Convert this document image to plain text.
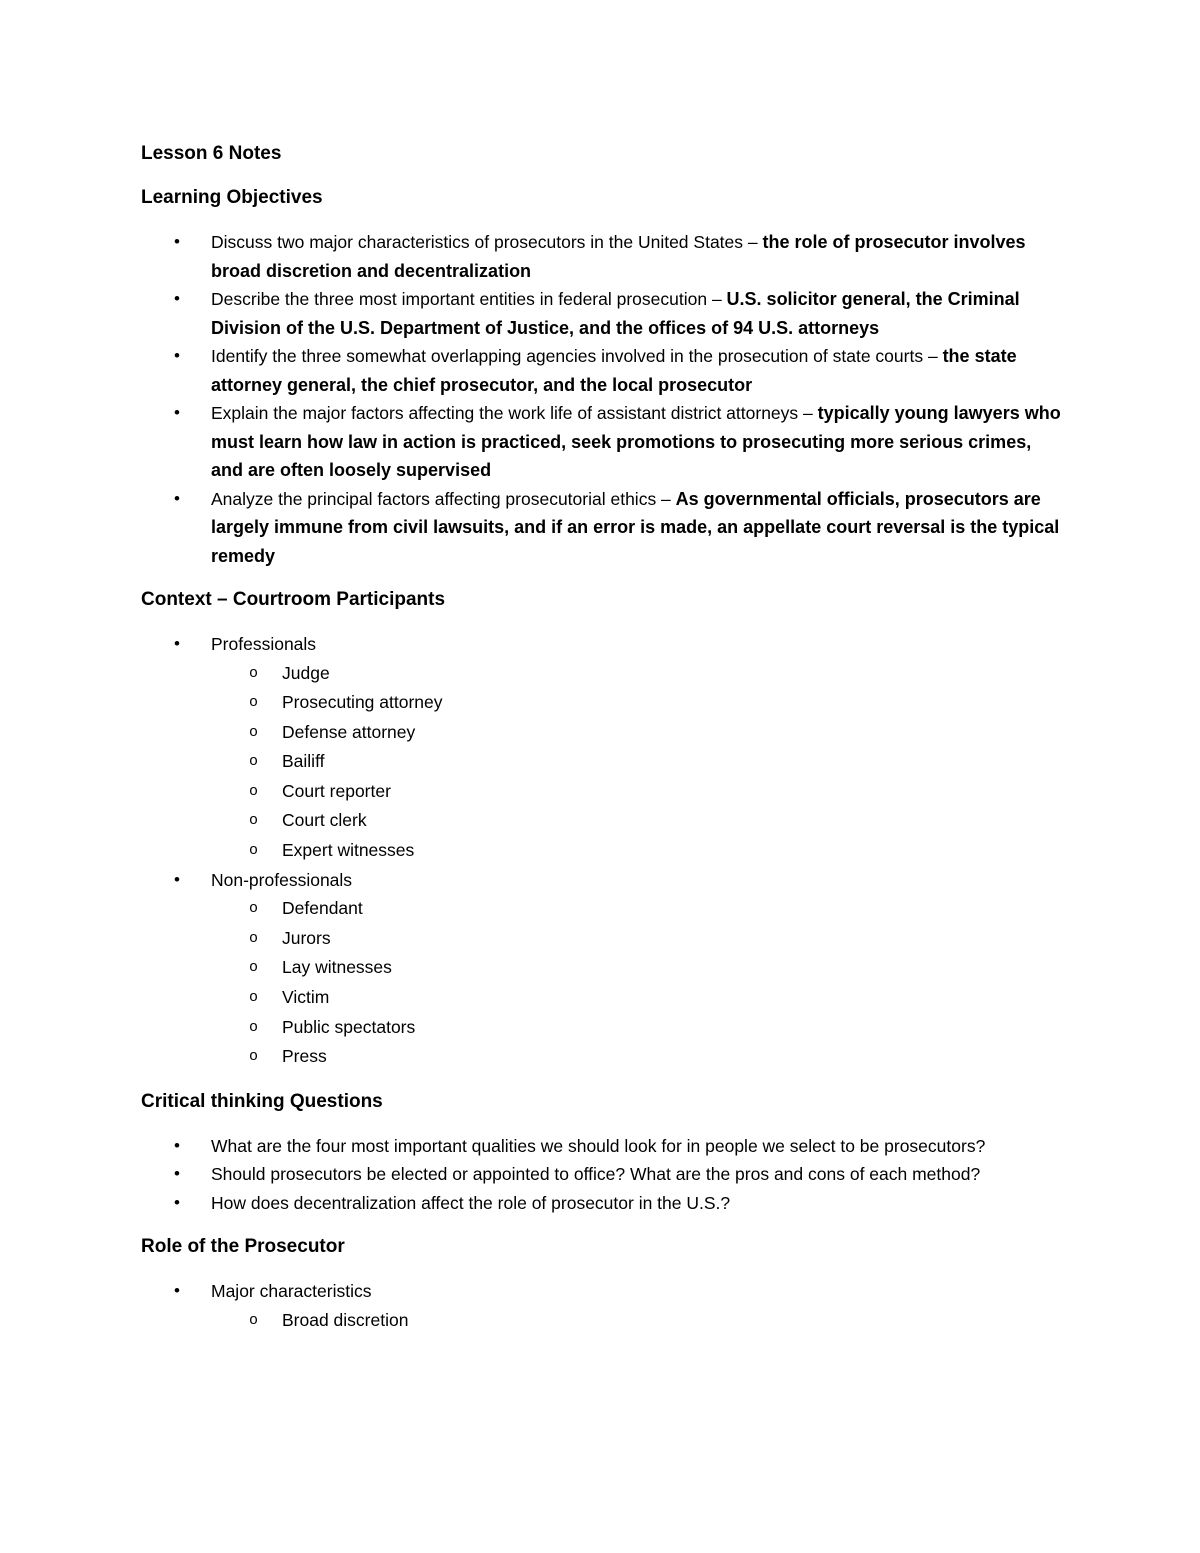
Lesson 6 Notes
Learning Objectives
• Discuss two major characteristics of prosecutors in the United States – the role of prosecutor involves broad discretion and decentralization
• Describe the three most important entities in federal prosecution – U.S. solicitor general, the Criminal Division of the U.S. Department of Justice, and the offices of 94 U.S. attorneys
• Identify the three somewhat overlapping agencies involved in the prosecution of state courts – the state attorney general, the chief prosecutor, and the local prosecutor
• Explain the major factors affecting the work life of assistant district attorneys – typically young lawyers who must learn how law in action is practiced, seek promotions to prosecuting more serious crimes, and are often loosely supervised
• Analyze the principal factors affecting prosecutorial ethics – As governmental officials, prosecutors are largely immune from civil lawsuits, and if an error is made, an appellate court reversal is the typical remedy
Context – Courtroom Participants
• Professionals
o Judge
o Prosecuting attorney
o Defense attorney
o Bailiff
o Court reporter
o Court clerk
o Expert witnesses
• Non-professionals
o Defendant
o Jurors
o Lay witnesses
o Victim
o Public spectators
o Press
Critical thinking Questions
• What are the four most important qualities we should look for in people we select to be prosecutors?
• Should prosecutors be elected or appointed to office? What are the pros and cons of each method?
• How does decentralization affect the role of prosecutor in the U.S.?
Role of the Prosecutor
• Major characteristics
o Broad discretion
